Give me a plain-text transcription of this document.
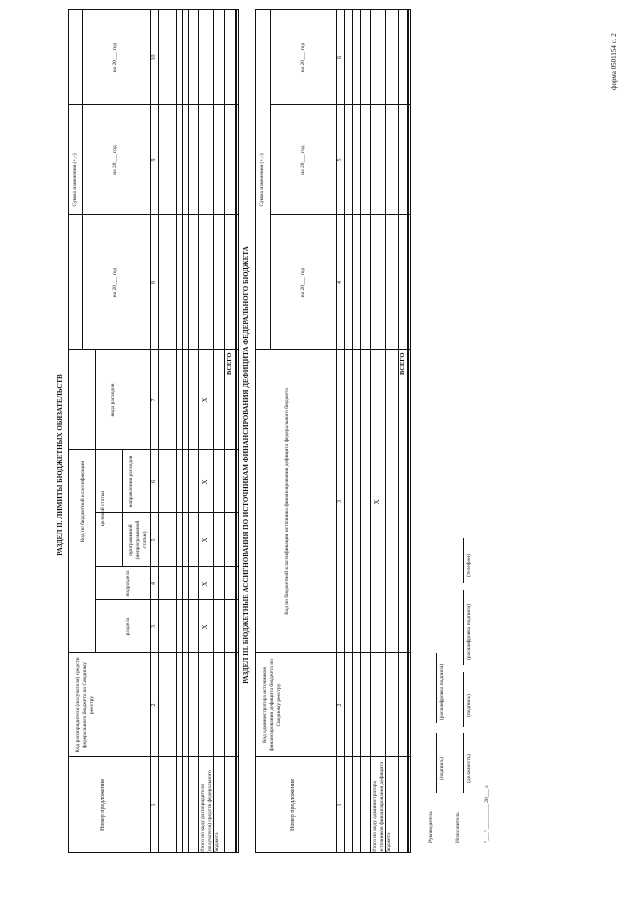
форма 0501154 с. 2
РАЗДЕЛ II. ЛИМИТЫ БЮДЖЕТНЫХ ОБЯЗАТЕЛЬСТВ
Номер предложения
Код распорядителя (получателя) средств федерального бюджета по Сводному реестру
Код по бюджетной классификации
раздела
подраздела
целевой статьи
программной (непрограммной статьи)
направления расходов
вида расходов
Сумма изменения (+,-)
на 20___ год
на 20___ год
на 20___ год
1
2
3
4
5
6
7
8
9
10
Итого по коду распорядителя (получателя) средств федерального бюджета
X
X
X
X
X
ВСЕГО РАЗДЕЛ III. БЮДЖЕТНЫЕ АССИГНОВАНИЯ ПО ИСТОЧНИКАМ ФИНАНСИРОВАНИЯ ДЕФИЦИТА ФЕДЕРАЛЬНОГО БЮДЖЕТА
Номер предложения
Код администратора источников финансирования дефицита бюджета по Сводному реестру
Код по бюджетной классификации источника финансирования дефицита федерального бюджета
Сумма изменения (+,-)
на 20___ год
на 20___ год
на 20___ год
1
2
3
4
5
6
Итого по коду администратора источников финансирования дефицита бюджета
X
ВСЕГО
Руководитель
(подпись)
(расшифровка подписи)
Исполнитель
(должность)
(подпись)
(расшифровка подписи)
(телефон)
"___" _________ 20___ г.
